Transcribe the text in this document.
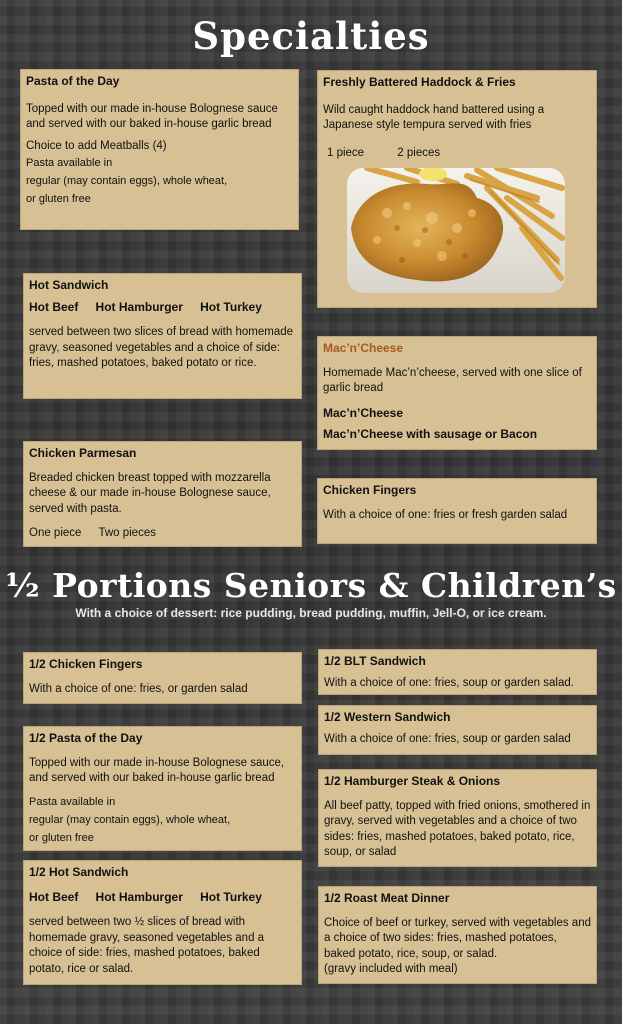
Specialties
Pasta of the Day

Topped with our made in-house Bolognese sauce and served with our baked in-house garlic bread

Choice to add Meatballs (4)

Pasta available in

regular (may contain eggs), whole wheat,

or gluten free

Freshly Battered Haddock & Fries

Wild caught haddock hand battered using a Japanese style tempura served with fries

1 piece	2 pieces

Hot Sandwich

Hot Beef Hot Hamburger Hot Turkey

served between two slices of bread with homemade gravy, seasoned vegetables and a choice of side: fries, mashed potatoes, baked potato or rice.

Mac’n’Cheese

Homemade Mac’n’cheese, served with one slice of garlic bread

Mac’n’Cheese
Mac’n’Cheese with sausage or Bacon
Chicken Parmesan

Breaded chicken breast topped with mozzarella cheese & our made in-house Bolognese sauce, served with pasta.

One piece Two pieces

Chicken Fingers

With a choice of one: fries or fresh garden salad

½ Portions Seniors & Children’s

With a choice of dessert: rice pudding, bread pudding, muffin, Jell-O, or ice cream.

1/2 Chicken Fingers

With a choice of one: fries, or garden salad

1/2 BLT Sandwich

With a choice of one: fries, soup or garden salad.

1/2 Western Sandwich

With a choice of one: fries, soup or garden salad

1/2 Pasta of the Day

Topped with our made in-house Bolognese sauce, and served with our baked in-house garlic bread

Pasta available in

regular (may contain eggs), whole wheat,

or gluten free

1/2 Hamburger Steak & Onions

All beef patty, topped with fried onions, smothered in gravy, served with vegetables and a choice of two sides: fries, mashed potatoes, baked potato, rice, soup, or salad

1/2 Hot Sandwich

Hot Beef Hot Hamburger Hot Turkey

served between two ½ slices of bread with homemade gravy, seasoned vegetables and a choice of side: fries, mashed potatoes, baked potato, rice or salad.

1/2 Roast Meat Dinner

Choice of beef or turkey, served with vegetables and a choice of two sides: fries, mashed potatoes, baked potato, rice, soup, or salad.

(gravy included with meal)
